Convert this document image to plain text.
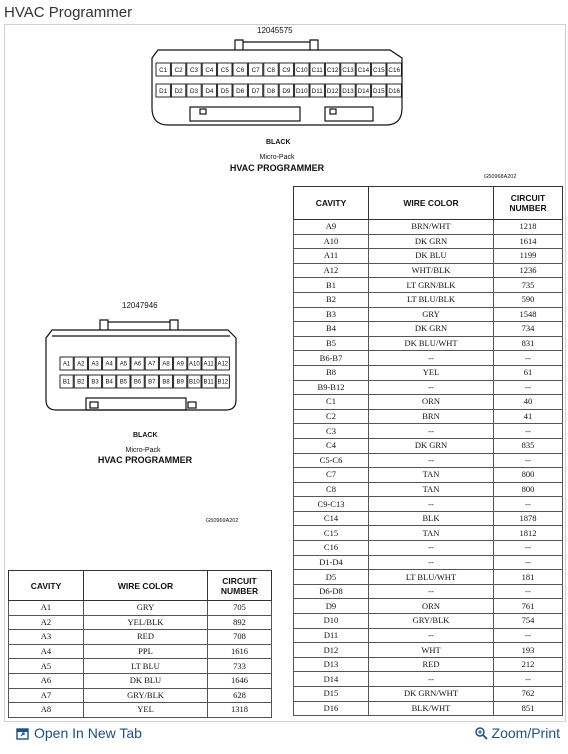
HVAC Programmer
C1 C2 C3 C4 C5 C6 C7 C8 C9 C10 C11 C12 C13 C14 C15 C16
D1 D2 D3 D4 D5 D6 D7 D8 D9 D10 D11 D12 D13 D14 D15 D16
12045575
BLACK
Micro-Pack
HVAC PROGRAMMER
G50968A202
A1 A2 A3 A4 A5 A6 A7 A8 A9 A10 A11 A12
B1 B2 B3 B4 B5 B6 B7 B8 B9 B10 B11 B12
12047946
BLACK
Micro-Pack
HVAC PROGRAMMER
G50969A202
CAVITY	WIRE COLOR	CIRCUIT
NUMBER
A9	BRN/WHT	1218
A10	DK GRN	1614
A11	DK BLU	1199
A12	WHT/BLK	1236
B1	LT GRN/BLK	735
B2	LT BLU/BLK	590
B3	GRY	1548
B4	DK GRN	734
B5	DK BLU/WHT	831
B6-B7	--	--
B8	YEL	61
B9-B12	--	--
C1	ORN	40
C2	BRN	41
C3	--	--
C4	DK GRN	835
C5-C6	--	--
C7	TAN	800
C8	TAN	800
C9-C13	--	--
C14	BLK	1878
C15	TAN	1812
C16	--	--
D1-D4	--	--
D5	LT BLU/WHT	181
D6-D8	--	--
D9	ORN	761
D10	GRY/BLK	754
D11	--	--
D12	WHT	193
D13	RED	212
D14	--	--
D15	DK GRN/WHT	762
D16	BLK/WHT	851
CAVITY	WIRE COLOR	CIRCUIT
NUMBER
A1	GRY	705
A2	YEL/BLK	892
A3	RED	708
A4	PPL	1616
A5	LT BLU	733
A6	DK BLU	1646
A7	GRY/BLK	628
A8	YEL	1318
Open In New Tab	Zoom/Print
